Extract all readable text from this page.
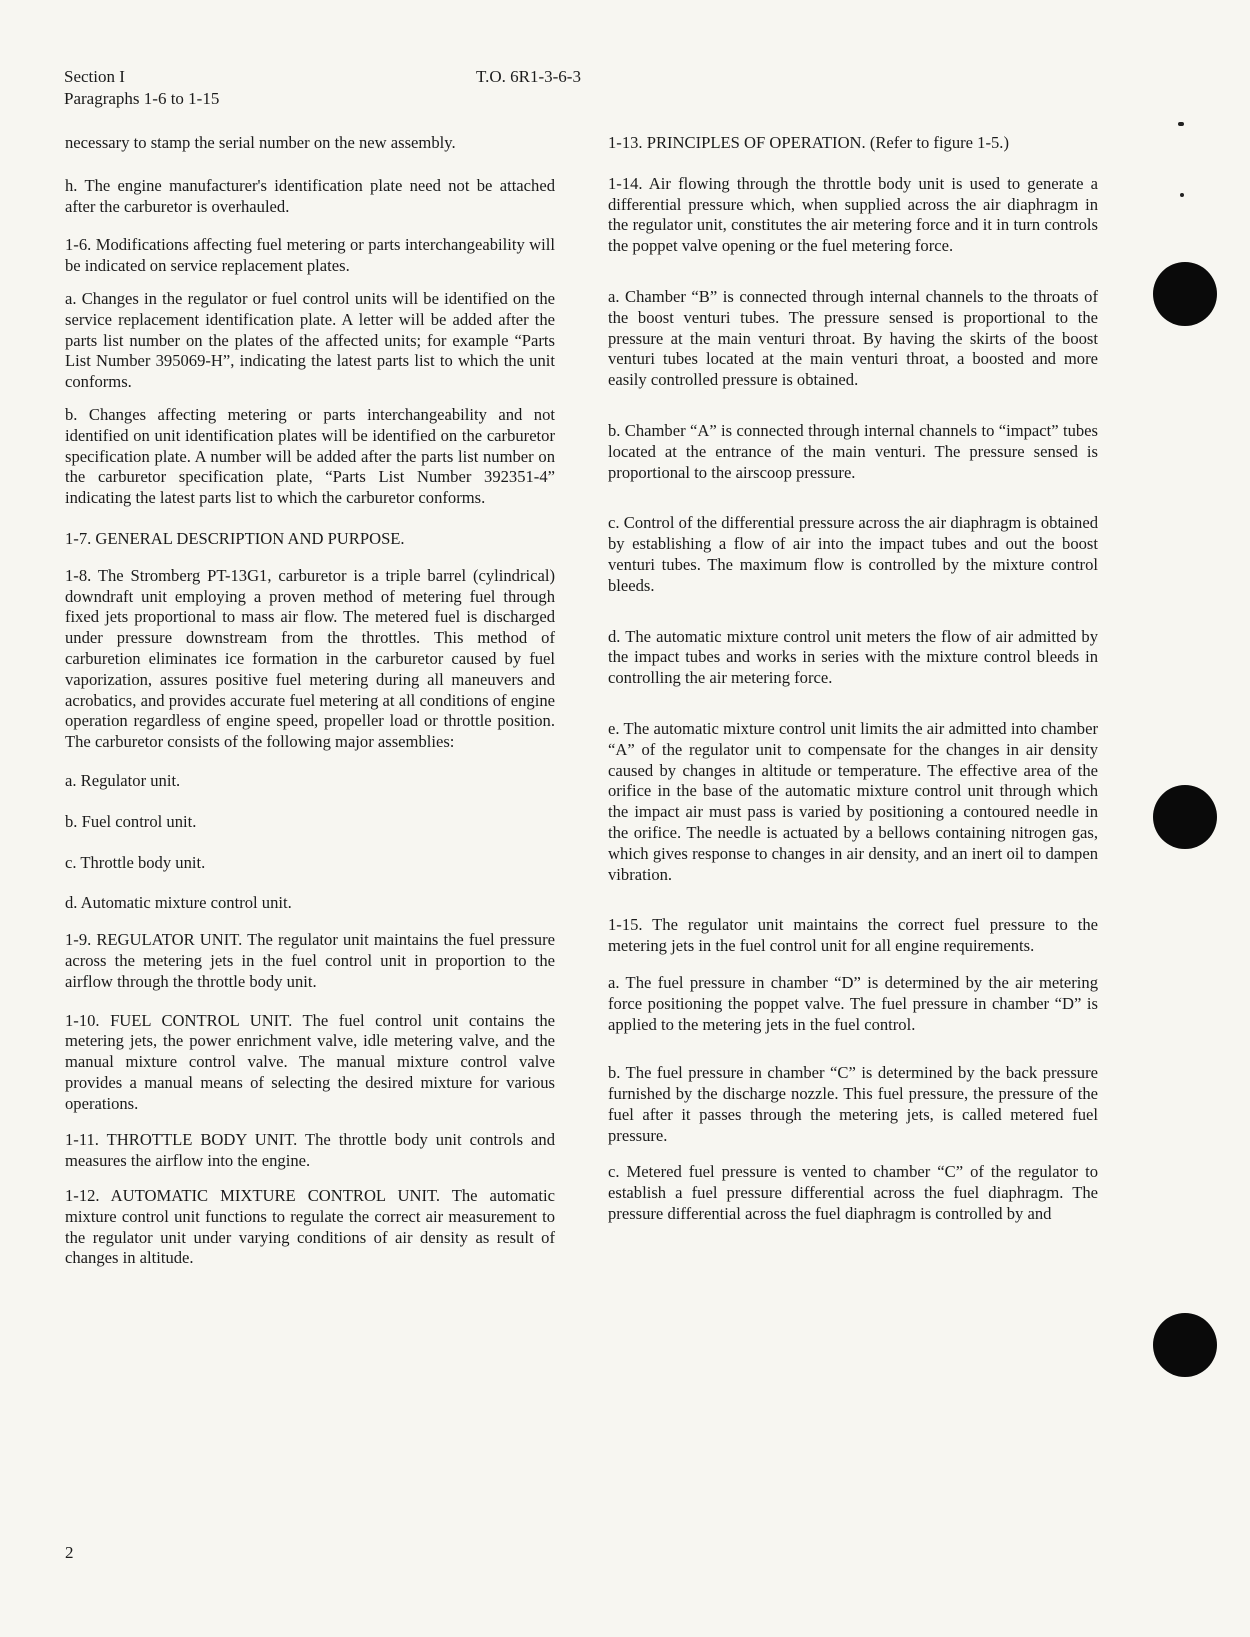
Section I
Paragraphs 1-6 to 1-15
T.O. 6R1-3-6-3

necessary to stamp the serial number on the new assembly.

h. The engine manufacturer's identification plate need not be attached after the carburetor is overhauled.

1-6. Modifications affecting fuel metering or parts interchangeability will be indicated on service replacement plates.

a. Changes in the regulator or fuel control units will be identified on the service replacement identification plate. A letter will be added after the parts list number on the plates of the affected units; for example “Parts List Number 395069-H”, indicating the latest parts list to which the unit conforms.

b. Changes affecting metering or parts interchangeability and not identified on unit identification plates will be identified on the carburetor specification plate. A number will be added after the parts list number on the carburetor specification plate, “Parts List Number 392351-4” indicating the latest parts list to which the carburetor conforms.

1-7. GENERAL DESCRIPTION AND PURPOSE.

1-8. The Stromberg PT-13G1, carburetor is a triple barrel (cylindrical) downdraft unit employing a proven method of metering fuel through fixed jets proportional to mass air flow. The metered fuel is discharged under pressure downstream from the throttles. This method of carburetion eliminates ice formation in the carburetor caused by fuel vaporization, assures positive fuel metering during all maneuvers and acrobatics, and provides accurate fuel metering at all conditions of engine operation regardless of engine speed, propeller load or throttle position. The carburetor consists of the following major assemblies:

a. Regulator unit.

b. Fuel control unit.

c. Throttle body unit.

d. Automatic mixture control unit.

1-9. REGULATOR UNIT. The regulator unit maintains the fuel pressure across the metering jets in the fuel control unit in proportion to the airflow through the throttle body unit.

1-10. FUEL CONTROL UNIT. The fuel control unit contains the metering jets, the power enrichment valve, idle metering valve, and the manual mixture control valve. The manual mixture control valve provides a manual means of selecting the desired mixture for various operations.

1-11. THROTTLE BODY UNIT. The throttle body unit controls and measures the airflow into the engine.

1-12. AUTOMATIC MIXTURE CONTROL UNIT. The automatic mixture control unit functions to regulate the correct air measurement to the regulator unit under varying conditions of air density as result of changes in altitude.

1-13. PRINCIPLES OF OPERATION. (Refer to figure 1-5.)

1-14. Air flowing through the throttle body unit is used to generate a differential pressure which, when supplied across the air diaphragm in the regulator unit, constitutes the air metering force and it in turn controls the poppet valve opening or the fuel metering force.

a. Chamber “B” is connected through internal channels to the throats of the boost venturi tubes. The pressure sensed is proportional to the pressure at the main venturi throat. By having the skirts of the boost venturi tubes located at the main venturi throat, a boosted and more easily controlled pressure is obtained.

b. Chamber “A” is connected through internal channels to “impact” tubes located at the entrance of the main venturi. The pressure sensed is proportional to the airscoop pressure.

c. Control of the differential pressure across the air diaphragm is obtained by establishing a flow of air into the impact tubes and out the boost venturi tubes. The maximum flow is controlled by the mixture control bleeds.

d. The automatic mixture control unit meters the flow of air admitted by the impact tubes and works in series with the mixture control bleeds in controlling the air metering force.

e. The automatic mixture control unit limits the air admitted into chamber “A” of the regulator unit to compensate for the changes in air density caused by changes in altitude or temperature. The effective area of the orifice in the base of the automatic mixture control unit through which the impact air must pass is varied by positioning a contoured needle in the orifice. The needle is actuated by a bellows containing nitrogen gas, which gives response to changes in air density, and an inert oil to dampen vibration.

1-15. The regulator unit maintains the correct fuel pressure to the metering jets in the fuel control unit for all engine requirements.

a. The fuel pressure in chamber “D” is determined by the air metering force positioning the poppet valve. The fuel pressure in chamber “D” is applied to the metering jets in the fuel control.

b. The fuel pressure in chamber “C” is determined by the back pressure furnished by the discharge nozzle. This fuel pressure, the pressure of the fuel after it passes through the metering jets, is called metered fuel pressure.

c. Metered fuel pressure is vented to chamber “C” of the regulator to establish a fuel pressure differential across the fuel diaphragm. The pressure differential across the fuel diaphragm is controlled by and

2
